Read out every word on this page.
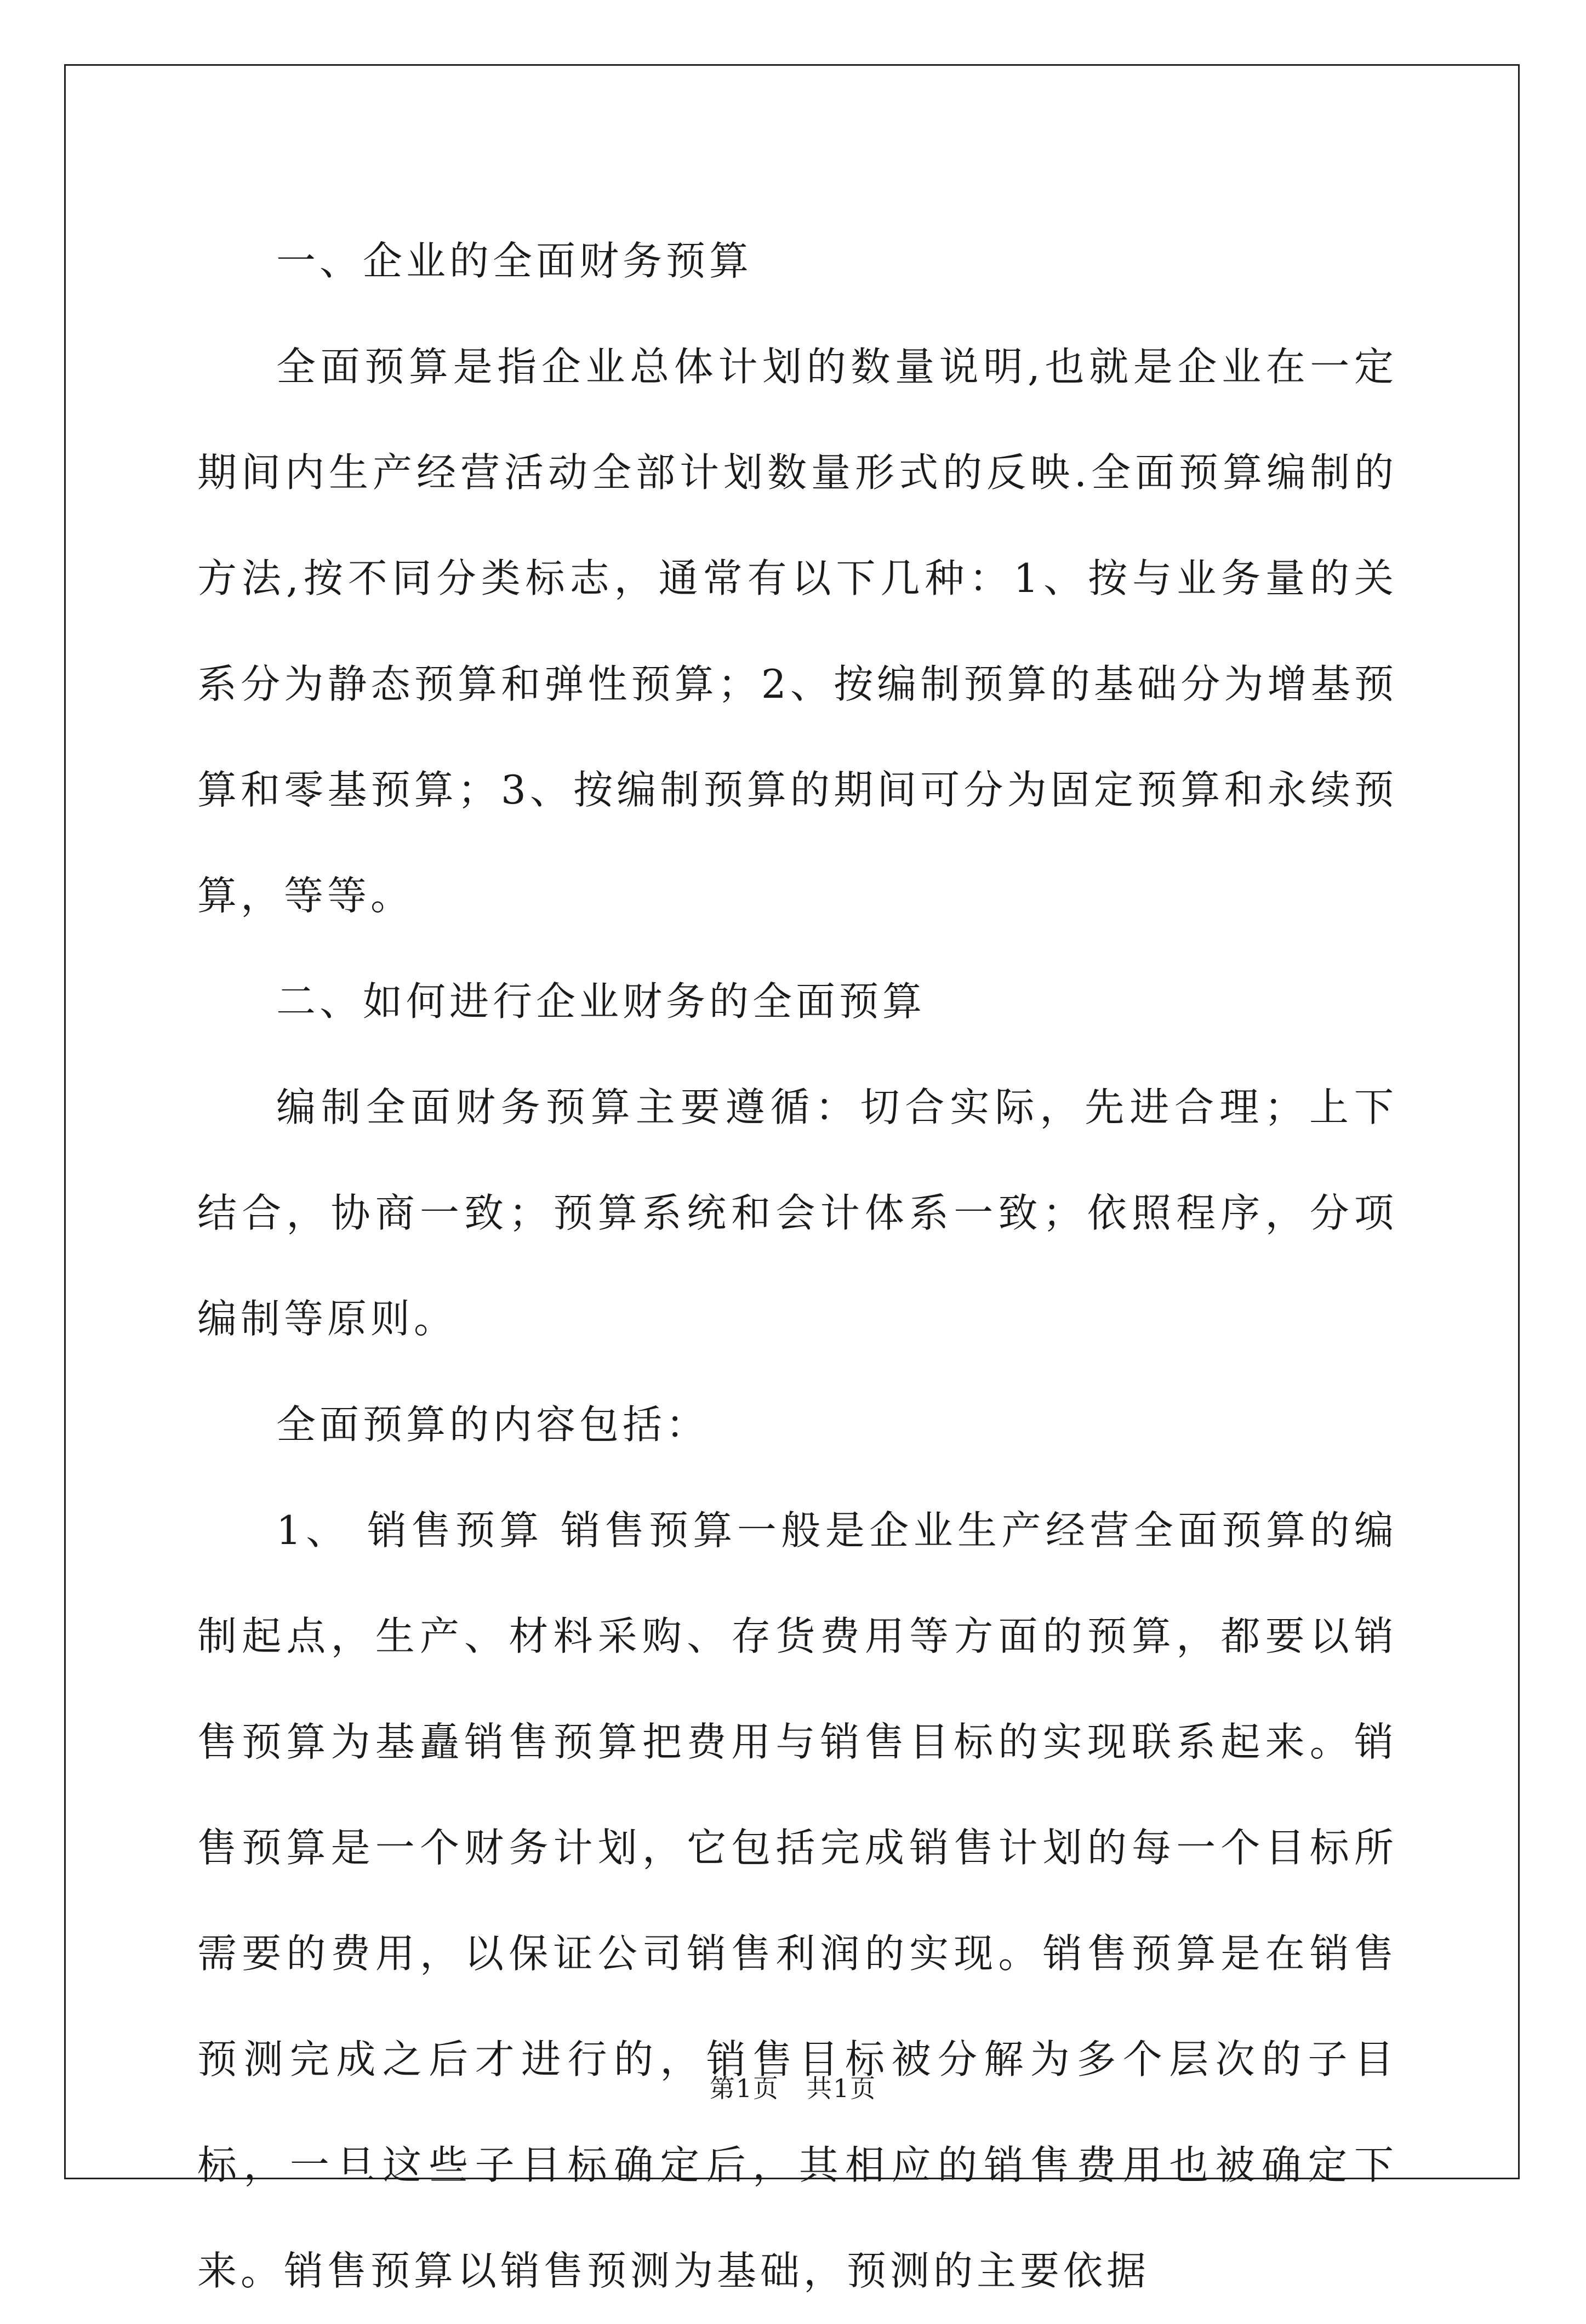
一、企业的全面财务预算

全面预算是指企业总体计划的数量说明,也就是企业在一定期间内生产经营活动全部计划数量形式的反映.全面预算编制的方法,按不同分类标志，通常有以下几种：1、按与业务量的关系分为静态预算和弹性预算；2、按编制预算的基础分为增基预算和零基预算；3、按编制预算的期间可分为固定预算和永续预算，等等。

二、如何进行企业财务的全面预算

编制全面财务预算主要遵循：切合实际，先进合理；上下结合，协商一致；预算系统和会计体系一致；依照程序，分项编制等原则。

全面预算的内容包括：

1、 销售预算 销售预算一般是企业生产经营全面预算的编制起点，生产、材料采购、存货费用等方面的预算，都要以销售预算为基矗销售预算把费用与销售目标的实现联系起来。销售预算是一个财务计划，它包括完成销售计划的每一个目标所需要的费用，以保证公司销售利润的实现。销售预算是在销售预测完成之后才进行的，销售目标被分解为多个层次的子目标，一旦这些子目标确定后，其相应的销售费用也被确定下来。销售预算以销售预测为基础，预测的主要依据

第1页 共1页
